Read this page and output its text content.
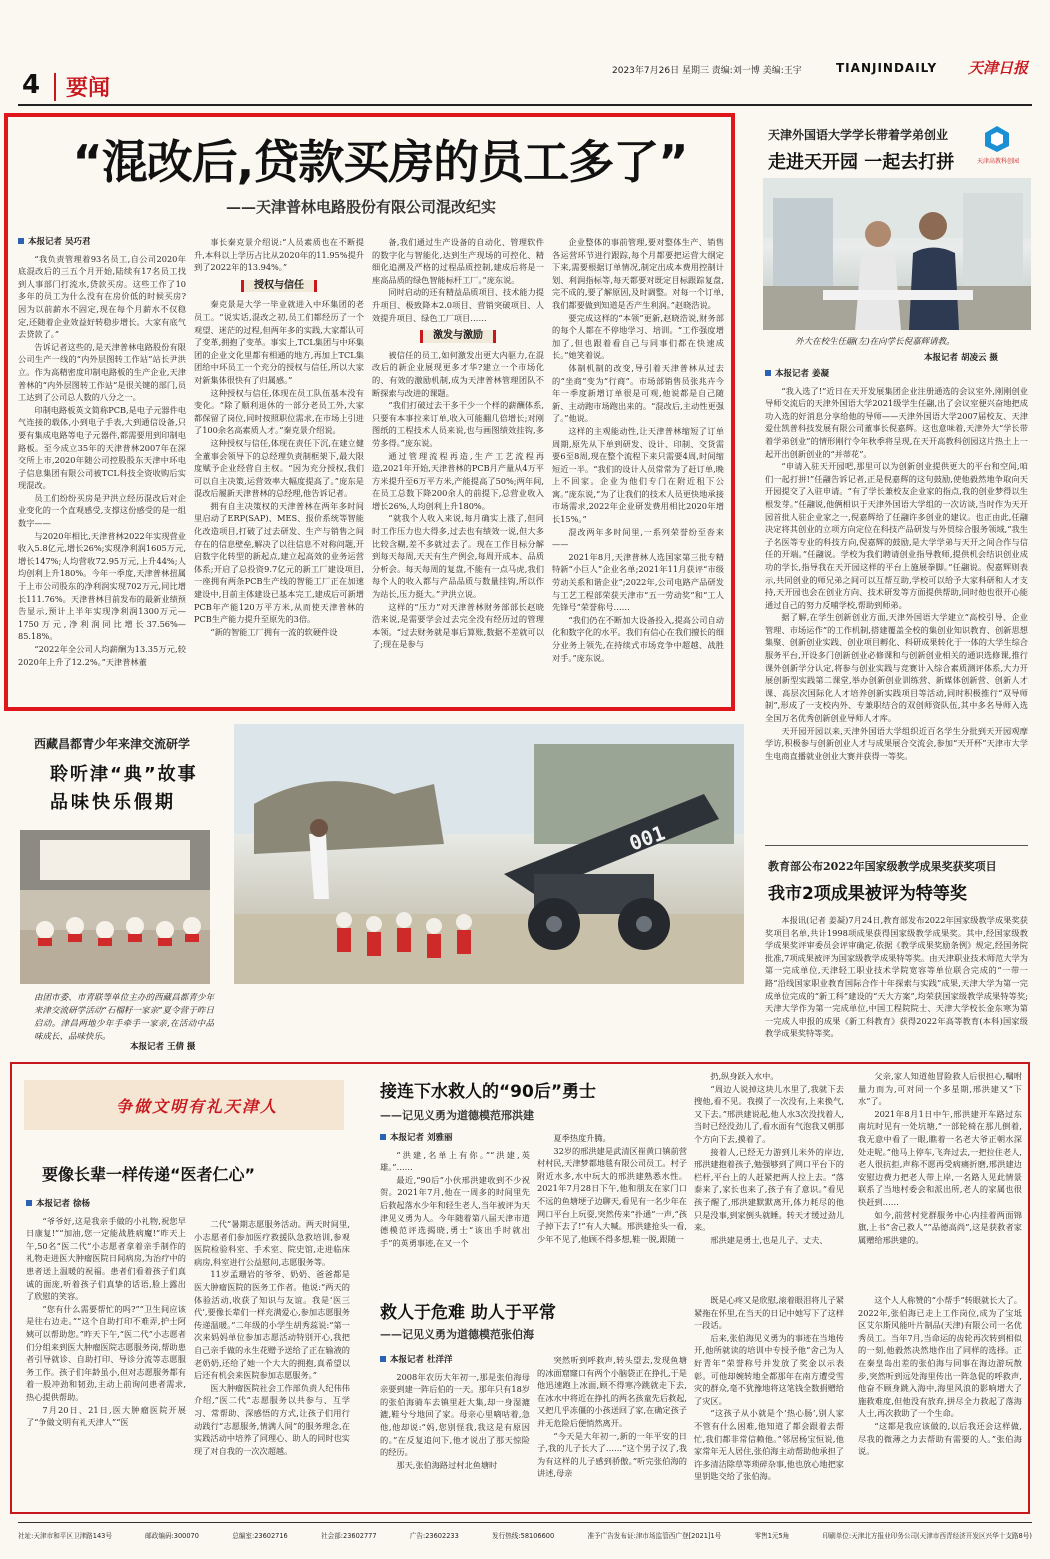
4 要闻
2023年7月26日 星期三 责编:刘一博 美编:王宇	TIANJINDAILY 天津日报
“混改后,贷款买房的员工多了”
——天津普林电路股份有限公司混改纪实

本报记者 吴巧君

“我负责管理着93名员工,自公司2020年底混改后的三五个月开始,陆续有17名员工找到人事部门打流水,贷款买房。这些工作了10多年的员工为什么没有在房价低的时候买房?因为以前薪水不固定,现在每个月薪水不仅稳定,还随着企业效益好转稳步增长。大家有底气去贷款了。”

告诉记者这些的,是天津普林电路股份有限公司生产一线的“内外层图转工作站”站长尹洪立。作为高精密度印制电路板的生产企业,天津普林的“内外层图转工作站”是很关键的部门,员工达到了公司总人数的八分之一。

印制电路板英文简称PCB,是电子元器件电气连接的载体,小到电子手表,大到通信设备,只要有集成电路等电子元器件,都需要用到印制电路板。至今成立35年的天津普林2007年在深交所上市,2020年随公司控股股东天津中环电子信息集团有限公司被TCL科技全资收购后实现混改。

员工们纷纷买房是尹洪立经历混改后对企业变化的一个直观感受,支撑这份感受的是一组数字——

与2020年相比,天津普林2022年实现营业收入5.8亿元,增长26%;实现净利润1605万元,增长147%;人均营收72.95万元,上升44%;人均创利上升180%。今年一季度,天津普林扭属于上市公司股东的净利润实现702万元,同比增长111.76%。天津普林目前发布的最新业绩预告显示,预计上半年实现净利润1300万元—1750万元,净利润同比增长37.56%—85.18%。

“2022年全公司人均薪酬为13.35万元,较2020年上升了12.2%。”天津普林董

事长秦克景介绍说:“人员素质也在不断提升,本科以上学历占比从2020年的11.95%提升到了2022年的13.94%。”

授权与信任

秦克景是大学一毕业就进入中环集团的老员工。“说实话,混改之初,员工们都经历了一个观望、迷茫的过程,但两年多的实践,大家都认可了变革,拥抱了变革。事实上,TCL集团与中环集团的企业文化里都有相通的地方,再加上TCL集团给中环员工一个充分的授权与信任,所以大家对新集体很快有了归属感。”

这种授权与信任,体现在员工队伍基本没有变化。“除了顺利退休的一部分老员工外,大家都保留了岗位,同时按照职位需求,在市场上引进了100余名高素质人才。”秦克景介绍说。

这种授权与信任,体现在责任下沉,在建立健全董事会领导下的总经理负责制框架下,最大限度赋予企业经营自主权。“因为充分授权,我们可以自主决策,运营效率大幅度提高了。”庞东是混改后履新天津普林的总经理,他告诉记者。

拥有自主决策权的天津普林在两年多时间里启动了ERP(SAP)、MES、报价系统等智能化改造项目,打破了过去研发、生产与销售之间存在的信息壁垒,解决了以往信息不对称问题,开启数字化转型的新起点,建立起高效的业务运营体系;开启了总投资9.7亿元的新工厂建设项目,一座拥有两条PCB生产线的智能工厂正在加速建设中,目前主体建设已基本完工,建成后可新增PCB年产能120万平方米,从而使天津普林的PCB生产能力提升至原先的3倍。

“新的智能工厂拥有一流的软硬件设

备,我们通过生产设备的自动化、管理软件的数字化与智能化,达到生产现场的可控化、精细化追溯及严格的过程品质控制,建成后将是一座高品质的绿色智能标杆工厂。”庞东说。

同时启动的还有精益品质项目、技术能力提升项目、极致降本2.0项目、营销突破项目、人效提升项目、绿色工厂项目……

激发与激励

被信任的员工,如何激发出更大内驱力,在混改后的新企业展现更多才华?建立一个市场化的、有效的激励机制,成为天津普林管理团队不断探索与改进的课题。

“我们打破过去干多干少一个样的薪酬体系,只要有本事拉来订单,收入可能翻几倍增长;对刚图纸的工程技术人员来说,也与画图绩效挂钩,多劳多得。”庞东说。

通过管理流程再造,生产工艺流程再造,2021年开始,天津普林的PCB月产量从4万平方米提升至6万平方米,产能提高了50%;两年间,在员工总数下降200余人的前提下,总营业收入增长26%,人均创利上升180%。

“就我个人收入来说,每月确实上涨了,但同时工作压力也大得多,过去也有绩效一说,但大多比较含糊,差不多就过去了。现在工作目标分解到每天每周,天天有生产例会,每周开成本、品质分析会。每天每周的复盘,不能有一点马虎,我们每个人的收入都与产品品质与数量挂钩,所以作为站长,压力挺大。”尹洪立说。

这样的“压力”对天津普林财务部部长赵晓浩来说,是需要学会过去完全没有经历过的管理本领。“过去财务就是事后算账,数据不差就可以了;现在是参与

企业整体的事前管理,要对整体生产、销售各运营环节进行跟踪,每个月都要把运营大纲定下来,需要根据订单情况,制定出成本费用控制计划、利润指标等,每天都要对既定目标跟踪复盘,完不成的,要了解原因,及时调整。对每一个订单,我们都要做到知道是否产生利润。”赵晓浩说。

要完成这样的“本领”更新,赵晓浩说,财务部的每个人都在不停地学习、培训。“工作强度增加了,但也跟着看自己与同事们都在快速成长。”她笑着说。

体制机制的改变,导引着天津普林从过去的“坐商”变为“行商”。市场部销售员张兆卉今年一季度新增订单很是可观,他说都是自己随新、主动跑市场跑出来的。“混改后,主动性更强了。”他说。

这样的主观能动性,让天津普林缩短了订单周期,原先从下单到研发、设计、印制、交货需要6至8周,现在整个流程下来只需要4周,时间缩短近一半。“我们的设计人员常常为了赶订单,晚上不回家。企业为他们专门在附近租下公寓。”庞东说,“为了让我们的技术人员更快地承接市场需求,2022年企业研发费用相比2020年增长15%。”

混改两年多时间里,一系列荣誉纷至沓来——

2021年8月,天津普林人选国家第三批专精特新“小巨人”企业名单;2021年11月获评“市级劳动关系和谐企业”;2022年,公司电路产品研发与工艺工程部荣获天津市“五一劳动奖”和“工人先锋号”荣誉称号……

“我们仍在不断加大设备投入,提高公司自动化和数字化的水平。我们有信心在我们擅长的细分业务上领先,在持续式市场竞争中超越、战胜对手。”庞东说。

天津外国语大学学长带着学弟创业
走进天开园 一起去打拼	天津高教科创园
外大在校生任翮(左)在向学长倪嘉辉请教。
本报记者 胡凌云 摄

本报记者 姜凝

“我入选了!”近日在天开发展集团企业注册通选的会议室外,刚刚创业导师交流后的天津外国语大学2021级学生任翮,出了会议室便兴奋地把成功入选的好消息分享给他的导师——天津外国语大学2007届校友、天津爱仕凯普科技发展有限公司董事长倪嘉辉。这也意味着,天津外大“学长带着学弟创业”的情形刚行令年秋季将呈现,在天开高教科创园这片热土上一起开出创新创业的“并蒂花”。

“申请入驻天开园吧,那里可以为创新创业提供更大的平台和空间,咱们一起打拼!”任翮告诉记者,正是倪嘉辉的这句鼓励,使他毅然地争取向天开园提交了入驻申请。“有了学长兼校友企业家的指点,我的创业梦得以生根发芽。”任翮说,他俩相识于天津外国语大学组的一次访谈,当时作为天开园首批人驻企业家之一,倪嘉辉给了任翮许多创业的建议。也正由此,任翮决定将其创业的立项方向定位在科技产品研发与外贸综合服务领域,“我生子名医等专业的科技方向,倪嘉辉的鼓励,是大学学弟与天开之间合作与信任的开端。”任翮说。学校为我们聘请创业指导教师,提供机会结识创业成功的学长,指导我在天开园这样的平台上施展拳脚。”任翮说。倪嘉辉则表示,共同创业的师兄弟之间可以互帮互助,学校可以给予大家科研和人才支持,天开园也会在创业方向、技术研发等方面提供帮助,同时他也很开心能通过自己的努力反哺学校,帮助到师弟。

据了解,在学生创新创业方面,天津外国语大学建立“高校引导、企业管理、市场运作”的工作机制,搭建覆盖全校的集创业知识教育、创新思想集聚、创新创业实践、创业项目孵化、科研成果转化于一体的大学生综合服务平台,开设多门创新创业必修课和与创新创业相关的通识选修课,推行课外创新学分认定,将参与创业实践与竞赛计入综合素质测评体系,大力开展创新型实践第二课堂,举办创新创业训练营、新媒体创新营、创新人才课、高层次国际化人才培养创新实践项目等活动,同时积极推行“双导师制”,形成了一支校内外、专兼职结合的双创师资队伍,其中多名导师入选全国万名优秀创新创业导师人才库。

天开园开园以来,天津外国语大学组织近百名学生分批到天开园观摩学访,积极参与创新创业人才与成果展合交流会,参加“天开杯”天津市大学生电商直播就业创业大赛并获得一等奖。

教育部公布2022年国家级教学成果奖获奖项目
我市2项成果被评为特等奖

本报讯(记者 姜凝)7月24日,教育部发布2022年国家级教学成果奖获奖项目名单,共计1998项成果获得国家级教学成果奖。其中,经国家级教学成果奖评审委员会评审确定,依据《教学成果奖励条例》规定,经国务院批准,7项成果被评为国家级教学成果特等奖。由天津职业技术师范大学为第一完成单位,天津轻工职业技术学院宽容等单位联合完成的“一带一路”沿线国家职业教育国际合作十年探索与实践”成果,天津大学为第一完成单位完成的“新工科”建设的“天大方案”,均荣获国家级教学成果特等奖;天津大学作为第一完成单位,中国工程院院士、天津大学校长金东寒为第一完成人申报的成果《新工科教育》获得2022年高等教育(本科)国家级教学成果奖特等奖。

西藏昌都青少年来津交流研学
聆听津“典”故事
品味快乐假期
001
由团市委、市青联等单位主办的西藏昌都青少年来津交流研学活动“石榴籽一家亲”夏令营于昨日启动。津昌两地少年手牵手一家亲,在活动中品味成长、品味快乐。
本报记者 王倩 摄
争做文明有礼天津人
要像长辈一样传递“医者仁心”

本报记者 徐杨

“爷爷好,这是我亲手做的小礼物,祝您早日康复!”“加油,您一定能战胜病魔!”昨天上午,50名“医二代”小志愿者拿着亲手制作的礼物走进医大肿瘤医院日间病房,为治疗中的患者送上温暖的祝福。患者们看着孩子们真诚的面庞,听着孩子们真挚的话语,脸上露出了欣慰的笑容。

“您有什么需要帮忙的吗?”“卫生间应该是往右边走。”“这个自助打印不难弄,护士阿姨可以帮助您。”昨天下午,“医二代”小志愿者们分组来到医大肿瘤医院志愿服务岗,帮助患者引导就诊、自助打印、导诊分流等志愿服务工作。孩子们年龄虽小,但对志愿服务都有着一股冲劲和韧劲,主动上前询问患者需求,热心提供帮助。

7月20日、21日,医大肿瘤医院开展了“争做文明有礼天津人”“医

二代”暑期志愿服务活动。两天时间里,小志愿者们参加医疗救援队急救培训,参观医院检验科室、手术室、院史馆,走进临床病房,科室进行公益慰问,志愿服务等。

11岁孟珊岩的爷爷、奶奶、爸爸都是医大肿瘤医院的医务工作者。他说:“两天的体验活动,收获了知识与友谊。我是‘医三代’,要像长辈们一样充满爱心,参加志愿服务传递温暖。”二年级的小学生胡秀蕊说:“第一次来妈妈单位参加志愿活动特别开心,我把自己亲手做的永生花赠予送给了正在输液的老奶奶,还给了她一个大大的拥抱,真希望以后还有机会来医院参加志愿服务。”

医大肿瘤医院社会工作部负责人纪伟伟介绍,“医二代”志愿服务以共参与、互学习、常帮助、深感悟的方式,让孩子们用行动践行“志愿服务,情满人间”的服务理念,在实践活动中培养了同理心、助人的同时也实现了对自我的一次次超越。

接连下水救人的“90后”勇士
——记见义勇为道德模范邢洪建

本报记者 刘雅丽

“洪建,名单上有你。”“洪建,英雄。”……

最近,“90后”小伙邢洪建收到不少祝贺。2021年7月,他在一周多的时间里先后救起落水少年和轻生老人,当年被评为天津见义勇为人。今年随着第八届天津市道德模范评选揭晓,勇士“该出手时就出手”的英勇事迹,在又一个

夏季热度升腾。

32岁的邢洪建是武清区崔黄口镇前营村村民,天津梦都地毯有限公司员工。村子附近水多,水中玩大的邢洪建熟悉水性。2021年7月28日下午,他和朋友在家门口不远的鱼塘埂子边聊天,看见有一名少年在网口平台上玩耍,突然传来“扑通”一声,“孩子掉下去了!”有人大喊。邢洪建抢头一看,少年不见了,他顾不得多想,鞋一脱,跟随一

扔,纵身跃入水中。

“周边人说掉这块儿水里了,我就下去搜他,看不见。我摸了一次没有,上来换气,又下去。”邢洪建说起,他人水3次没找着人,当时已经没劲儿了,看水面有气泡我又朝那个方向下去,摸着了。

接着人,已经无力游到儿米外的岸边,邢洪建抱着孩子,勉强够到了网口平台下的栏杆,平台上的人赶紧把两人拉上去。“落泰来了,家长也来了,孩子有了意识。”看见孩子醒了,邢洪建默默离开,体力耗尽的他只是没事,到家倒头就睡。转天才缓过劲儿来。

邢洪建是勇士,也是儿子、丈夫、

父亲,家人知道他冒险救人后很担心,嘱咐量力而为,可对同一个多星期,邢洪建又“下水”了。

2021年8月1日中午,邢洪建开车路过东南坑时见有一处坑塘,“一部轮椅在那儿倒着,我无意中看了一眼,瞧着一名老大爷正朝水深处走呢。”他马上停车,飞奔过去,一把拉住老人,老人很抗拒,声称不愿再受病痛折磨,邢洪建边安慰边费力把老人带上岸,一名路人见此情景联系了当地村委会和派出所,老人的家属也很快赶到……

如今,前营村党群服务中心内挂着两面锦旗,上书“舍己救人”“品德高尚”,这是获救者家属赠给邢洪建的。

救人于危难 助人于平常
——记见义勇为道德模范张伯海

本报记者 杜洋洋

2008年农历大年初一,那是张伯海母亲要到建一阵后伯的一天。那年只有18岁的张伯海骑车去镇里赶大集,却一身湿漉漉,鞋兮兮地回了家。母亲心里嘀咕着,急他,他却说:“妈,您别怪我,我这是有原因的。”在反复追问下,他才说出了那天惊险的经历。

那天,张伯海路过村北鱼塘时

突然听到呼救声,转头望去,发现鱼塘的冰面窟窿口有两个小脑袋正在挣扎,于是他迅速跑上冰面,顾不得寒冷跳就走下去,在冰水中将近在挣扎的两名孩童先后救起,又把几乎冻僵的小孩送回了家,在确定孩子并无危险后便悄然离开。

“今天是大年初一,新的一年平安的日子,我的儿子长大了……”这个男子汉了,我为有这样的儿子感到骄傲。”听完张伯海的讲述,母亲

既是心疼又是欣慰,滚着眼泪将儿子紧紧拖在怀里,在当天的日记中她写下了这样一段话。

后来,张伯海见义勇为的事迹在当地传开,他所就读的培训中专授予他“舍己为人好青年”荣誉称号并发放了奖金以示表彰。可他却婉转地全都那年在南方遭受雪灾的群众,毫不犹豫地将这笔钱全数捐赠给了灾区。

“这孩子从小就是个‘热心肠’,别人家不管有什么困难,他知道了都会跟着去帮忙,我们都非常信赖他。”邻居杨宝恒说,他家常年无人居住,张伯海主动帮助他承担了许多清洁除草等琐碎杂事,他也放心地把家里钥匙交给了张伯海。

这个人人称赞的“小帮手”转眼就长大了。2022年,张伯海已走上工作岗位,成为了宝坻区艾尔斯风能叶片制品(天津)有限公司一名优秀员工。当年7月,当命运的齿轮再次转到相似的一刻,他毅然决然地作出了同样的选择。正在秦皇岛出差的张伯海与同事在海边游玩散步,突然听到远处海里传出一阵急促的呼救声,他奋不顾身跳入海中,海里风浪的影响增大了施救难度,但他没有放弃,拼尽全力救起了落海人士,再次救助了一个生命。

“这都是我应该做的,以后我还会这样做,尽我的微薄之力去帮助有需要的人。”张伯海说。

社址:天津市和平区卫津路143号	邮政编码:300070	总编室:23602716	社会部:23602777	广告:23602233	发行热线:58106600	准予广告发布证:津市场监管西广登[2021]1号	零售1元5角	印刷单位:天津北方报业印务公司(天津市西青经济开发区兴华十支路8号)
